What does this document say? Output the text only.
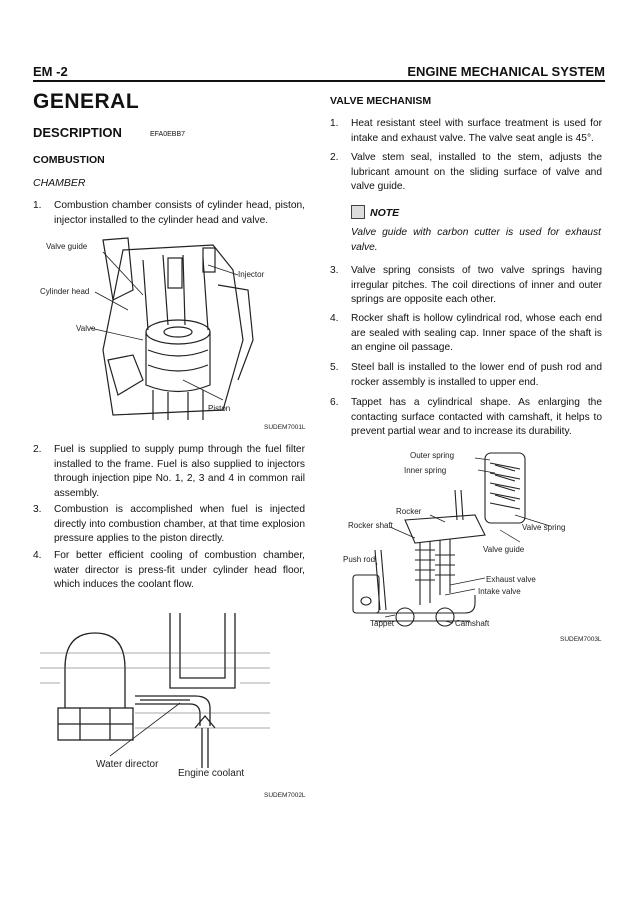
EM -2	ENGINE MECHANICAL SYSTEM
GENERAL
DESCRIPTION	EFA0EBB7
COMBUSTION
CHAMBER
1. Combustion chamber consists of cylinder head, piston, injector installed to the cylinder head and valve.
Valve guide
Injector
Cylinder head
Valve
Piston
SUDEM7001L
2. Fuel is supplied to supply pump through the fuel filter installed to the frame. Fuel is also supplied to injectors through injection pipe No. 1, 2, 3 and 4 in common rail assembly.
3. Combustion is accomplished when fuel is injected directly into combustion chamber, at that time explosion pressure applies to the piston directly.
4. For better efficient cooling of combustion chamber, water director is press-fit under cylinder head floor, which induces the coolant flow.
Water director
Engine coolant
SUDEM7002L
VALVE MECHANISM
1. Heat resistant steel with surface treatment is used for intake and exhaust valve. The valve seat angle is 45°.
2. Valve stem seal, installed to the stem, adjusts the lubricant amount on the sliding surface of valve and valve guide.
NOTE
Valve guide with carbon cutter is used for exhaust valve.
3. Valve spring consists of two valve springs having irregular pitches. The coil directions of inner and outer springs are opposite each other.
4. Rocker shaft is hollow cylindrical rod, whose each end are sealed with sealing cap. Inner space of the shaft is an engine oil passage.
5. Steel ball is installed to the lower end of push rod and rocker assembly is installed to upper end.
6. Tappet has a cylindrical shape. As enlarging the contacting surface contacted with camshaft, it helps to prevent partial wear and to increase its durability.
Outer spring
Inner spring
Rocker
Rocker shaft	Valve spring
Valve guide
Push rod
Exhaust valve
Intake valve
Tappet	Camshaft
SUDEM7003L
